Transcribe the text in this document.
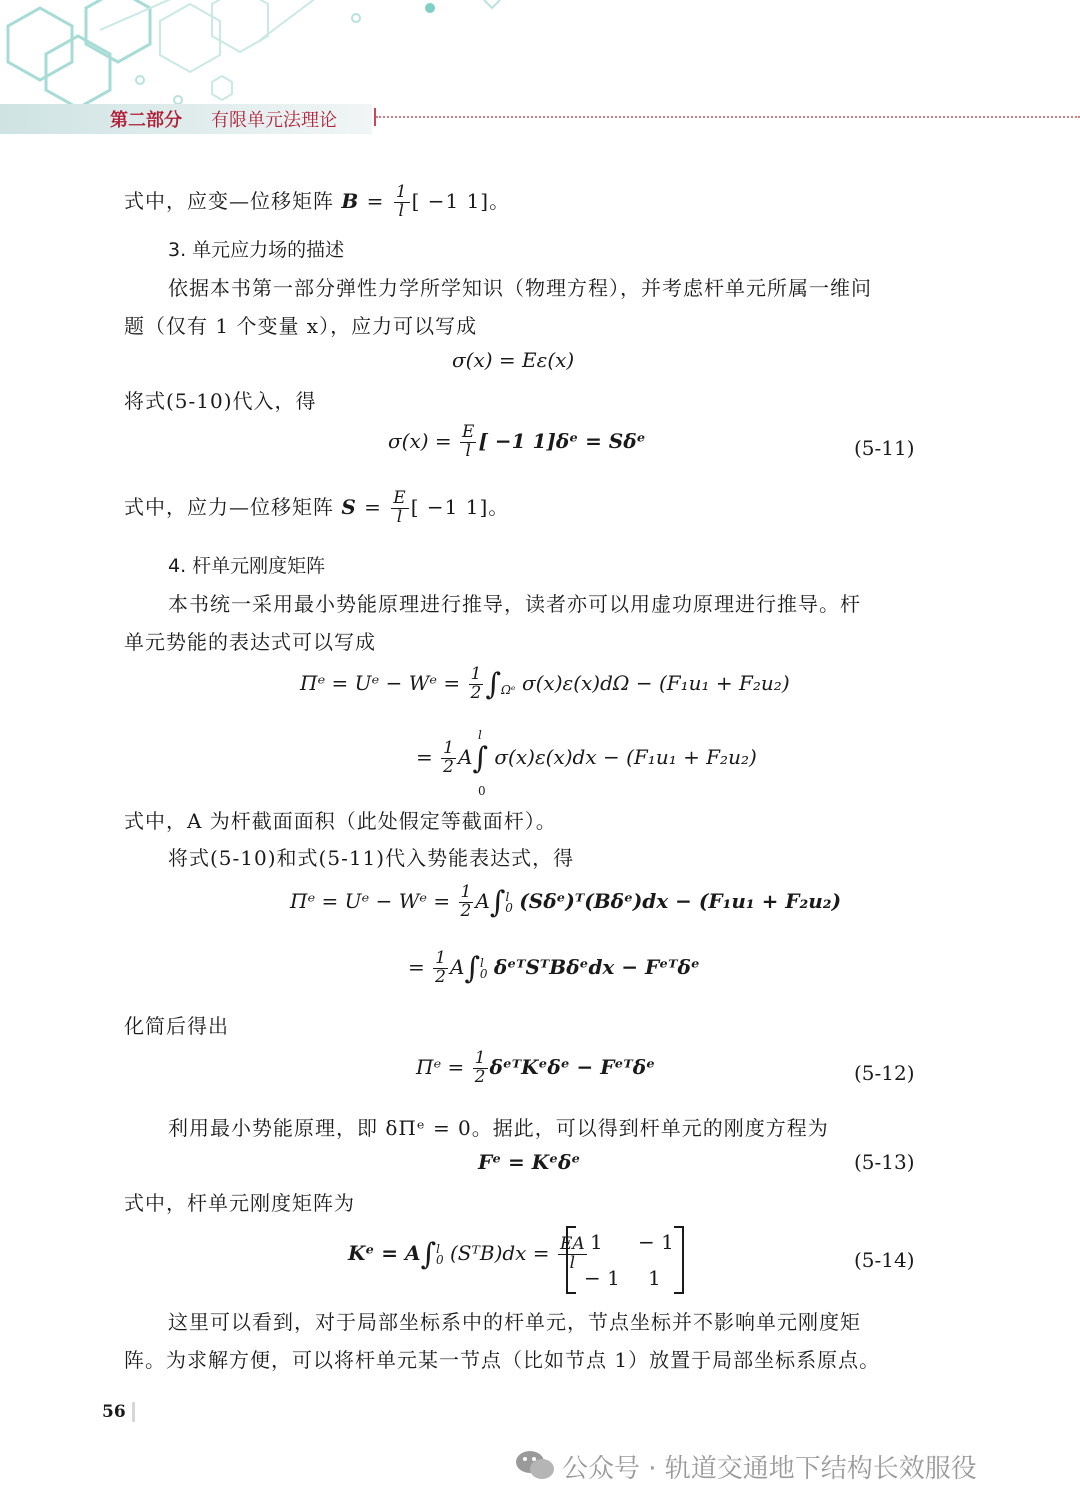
第二部分 有限单元法理论
式中，应变—位移矩阵 $B = \frac{1}{l}$ [ −1 1]。
3. 单元应力场的描述
依据本书第一部分弹性力学所学知识（物理方程），并考虑杆单元所属一维问
题（仅有 1 个变量 x），应力可以写成
σ(x) = Eε(x)
将式(5-10)代入，得
$\sigma(x) = \frac{E}{l}$ [ −1 1]δᵉ = Sδᵉ	(5-11)
式中，应力—位移矩阵 $S = \frac{E}{l}$ [ −1 1]。
4. 杆单元刚度矩阵
本书统一采用最小势能原理进行推导，读者亦可以用虚功原理进行推导。杆
单元势能的表达式可以写成
Πᵉ = Uᵉ − Wᵉ = $\frac{1}{2} \int_{\Omega ᵉ}$ σ(x)ε(x)dΩ − (F₁u₁ + F₂u₂)
= $\frac{1}{2} A\int$ σ(x)ε(x)dx − (F₁u₁ + F₂u₂)
l
0
式中，A 为杆截面面积（此处假定等截面杆）。
将式(5-10)和式(5-11)代入势能表达式，得
Πᵉ = Uᵉ − Wᵉ = $\frac{1}{2} A\int^l_0$ (Sδᵉ)ᵀ(Bδᵉ)dx − (F₁u₁ + F₂u₂)
= $\frac{1}{2} A\int^l_0$ δᵉᵀSᵀBδᵉdx − Fᵉᵀδᵉ
化简后得出
Πᵉ = $\frac{1}{2}$ δᵉᵀKᵉδᵉ − Fᵉᵀδᵉ	(5-12)
利用最小势能原理，即 δΠᵉ = 0。据此，可以得到杆单元的刚度方程为
Fᵉ = Kᵉδᵉ	(5-13)
式中，杆单元刚度矩阵为
Kᵉ = A∫$^l_0$ (SᵀB)dx = $\frac{EA}{l} 1 - 1$
− 1 1
(5-14)
这里可以看到，对于局部坐标系中的杆单元，节点坐标并不影响单元刚度矩
阵。为求解方便，可以将杆单元某一节点（比如节点 1）放置于局部坐标系原点。
56
公众号 · 轨道交通地下结构长效服役
